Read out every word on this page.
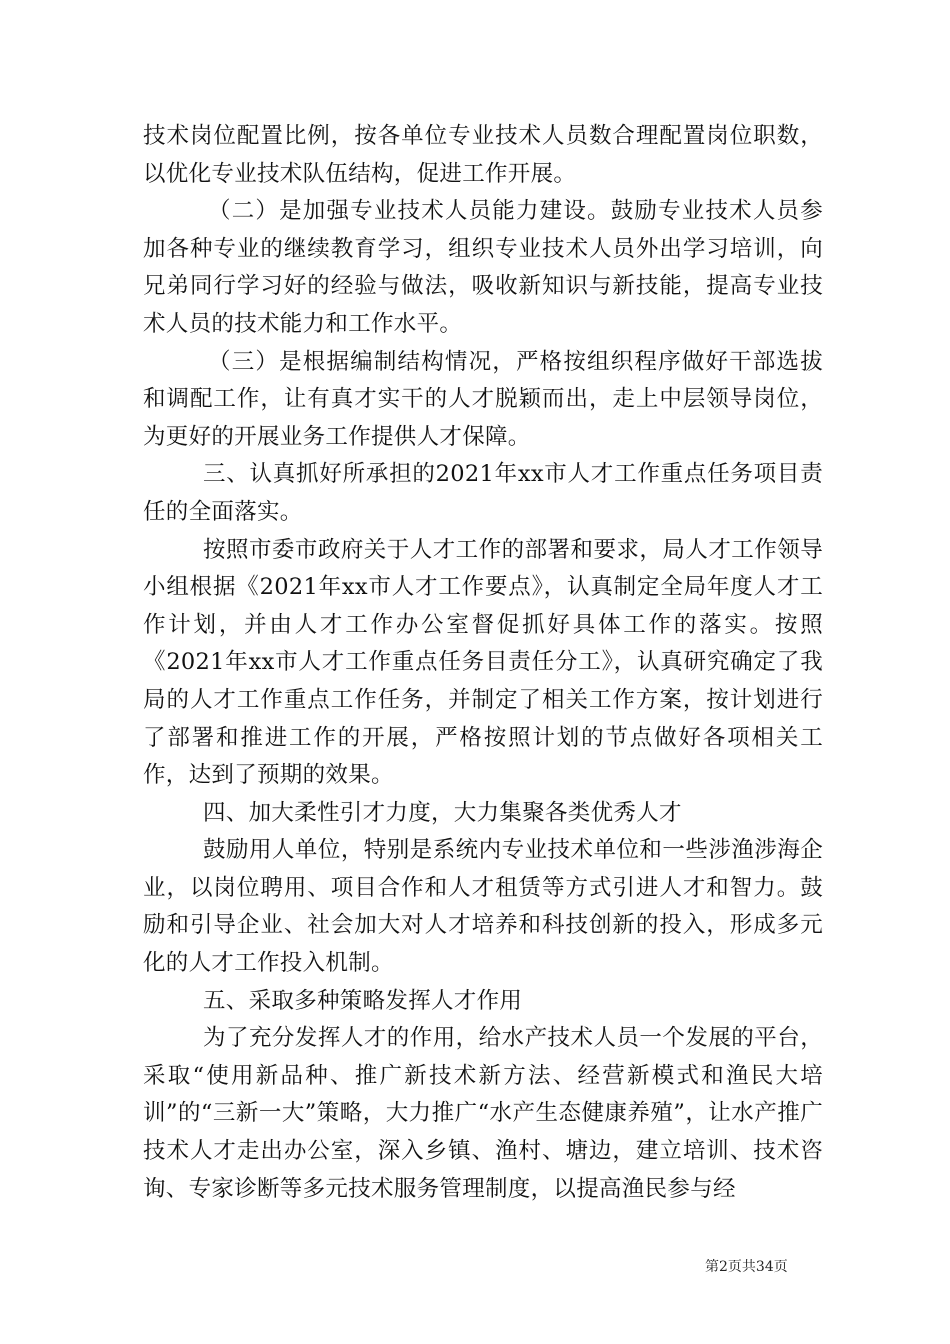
技术岗位配置比例，按各单位专业技术人员数合理配置岗位职数，以优化专业技术队伍结构，促进工作开展。

（二）是加强专业技术人员能力建设。鼓励专业技术人员参加各种专业的继续教育学习，组织专业技术人员外出学习培训，向兄弟同行学习好的经验与做法，吸收新知识与新技能，提高专业技术人员的技术能力和工作水平。

（三）是根据编制结构情况，严格按组织程序做好干部选拔和调配工作，让有真才实干的人才脱颖而出，走上中层领导岗位，为更好的开展业务工作提供人才保障。

三、认真抓好所承担的2021年xx市人才工作重点任务项目责任的全面落实。

按照市委市政府关于人才工作的部署和要求，局人才工作领导小组根据《2021年xx市人才工作要点》，认真制定全局年度人才工作计划，并由人才工作办公室督促抓好具体工作的落实。按照《2021年xx市人才工作重点任务目责任分工》，认真研究确定了我局的人才工作重点工作任务，并制定了相关工作方案，按计划进行了部署和推进工作的开展，严格按照计划的节点做好各项相关工作，达到了预期的效果。

四、加大柔性引才力度，大力集聚各类优秀人才

鼓励用人单位，特别是系统内专业技术单位和一些涉渔涉海企业，以岗位聘用、项目合作和人才租赁等方式引进人才和智力。鼓励和引导企业、社会加大对人才培养和科技创新的投入，形成多元化的人才工作投入机制。

五、采取多种策略发挥人才作用

为了充分发挥人才的作用，给水产技术人员一个发展的平台，采取“使用新品种、推广新技术新方法、经营新模式和渔民大培训”的“三新一大”策略，大力推广“水产生态健康养殖”，让水产推广技术人才走出办公室，深入乡镇、渔村、塘边，建立培训、技术咨询、专家诊断等多元技术服务管理制度，以提高渔民参与经

第2页共34页
